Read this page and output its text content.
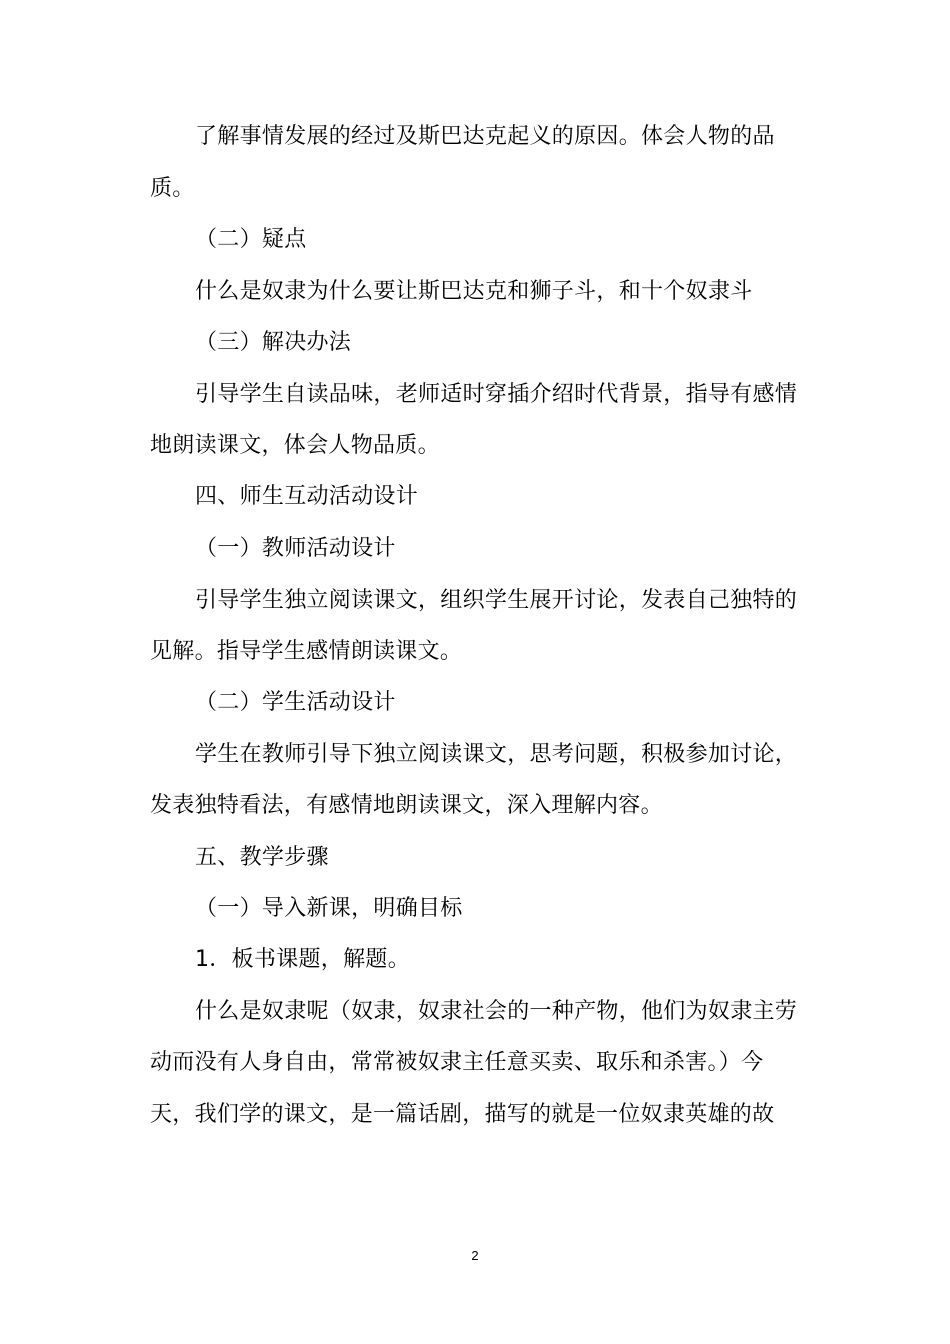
了解事情发展的经过及斯巴达克起义的原因。体会人物的品
质。
（二）疑点
什么是奴隶为什么要让斯巴达克和狮子斗，和十个奴隶斗
（三）解决办法
引导学生自读品味，老师适时穿插介绍时代背景，指导有感情
地朗读课文，体会人物品质。
四、师生互动活动设计
（一）教师活动设计
引导学生独立阅读课文，组织学生展开讨论，发表自己独特的
见解。指导学生感情朗读课文。
（二）学生活动设计
学生在教师引导下独立阅读课文，思考问题，积极参加讨论，
发表独特看法，有感情地朗读课文，深入理解内容。
五、教学步骤
（一）导入新课，明确目标
1．板书课题，解题。
什么是奴隶呢（奴隶，奴隶社会的一种产物，他们为奴隶主劳
动而没有人身自由，常常被奴隶主任意买卖、取乐和杀害。）今
天，我们学的课文，是一篇话剧，描写的就是一位奴隶英雄的故
2
